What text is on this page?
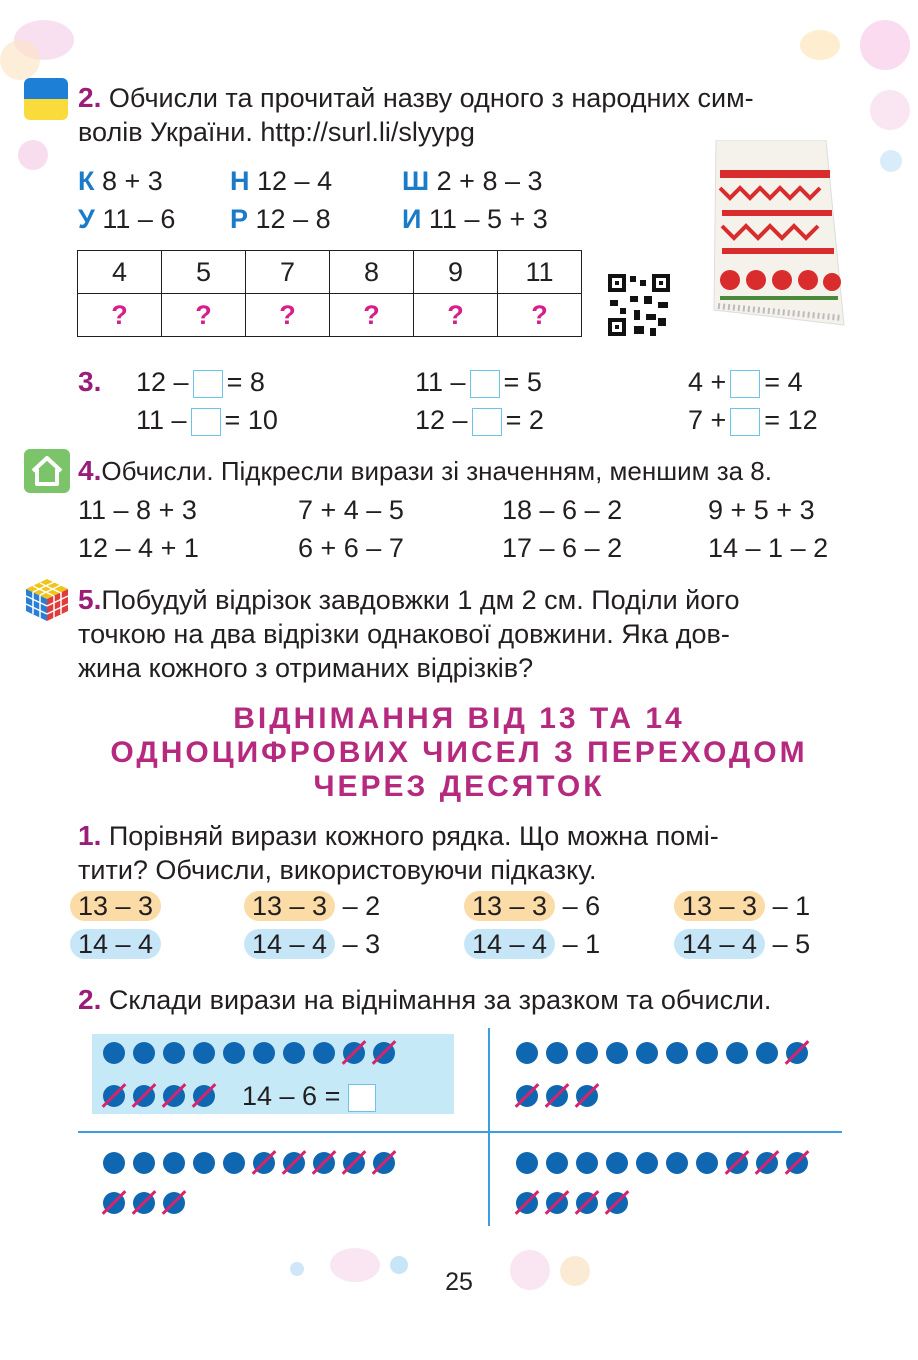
2. Обчисли та прочитай назву одного з народних сим-
волів України. http://surl.li/slyypg
К 8 + 3 Н 12 – 4	Ш 2 + 8 – 3
У 11 – 6 Р 12 – 8	И 11 – 5 + 3
4	5	7	8	9	11
?	?	?	?	?	?
3. 12 – = 8	11 – = 5	4 + = 4
11 – = 10	12 – = 2	7 + = 12
4.Обчисли. Підкресли вирази зі значенням, меншим за 8.
11 – 8 + 3	7 + 4 – 5	18 – 6 – 2	9 + 5 + 3
12 – 4 + 1	6 + 6 – 7	17 – 6 – 2	14 – 1 – 2
5.Побудуй відрізок завдовжки 1 дм 2 см. Поділи його
точкою на два відрізки однакової довжини. Яка дов-
жина кожного з отриманих відрізків?
ВІДНІМАННЯ ВІД 13 ТА 14
ОДНОЦИФРОВИХ ЧИСЕЛ З ПЕРЕХОДОМ
ЧЕРЕЗ ДЕСЯТОК
1. Порівняй вирази кожного рядка. Що можна помі-
тити? Обчисли, використовуючи підказку.
13 – 3	13 – 3 – 2	13 – 3 – 6	13 – 3 – 1
14 – 4	14 – 4 – 3	14 – 4 – 1	14 – 4 – 5
2. Склади вирази на віднімання за зразком та обчисли.
14 – 6 =
25
